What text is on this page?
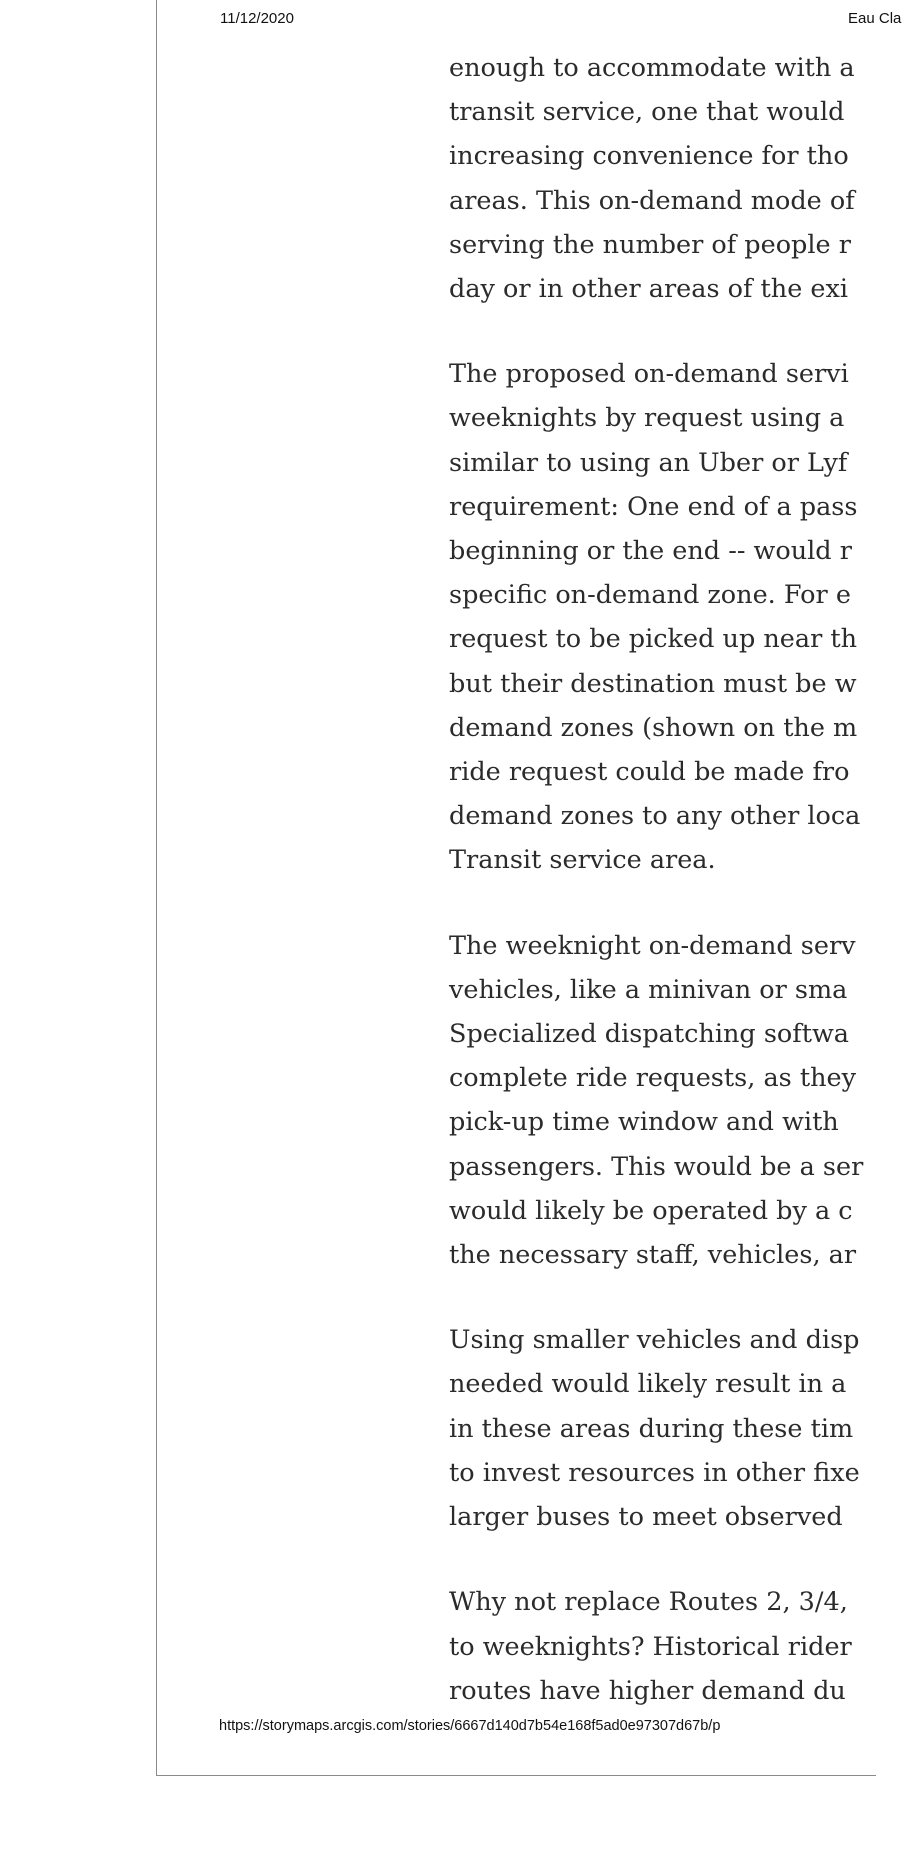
11/12/2020	Eau Cla

enough to accommodate with a
transit service, one that would
increasing convenience for tho
areas. This on-demand mode of
serving the number of people r
day or in other areas of the exi

The proposed on-demand servi
weeknights by request using a
similar to using an Uber or Lyf
requirement: One end of a pass
beginning or the end -- would r
specific on-demand zone. For e
request to be picked up near th
but their destination must be w
demand zones (shown on the m
ride request could be made fro
demand zones to any other loca
Transit service area.

The weeknight on-demand serv
vehicles, like a minivan or sma
Specialized dispatching softwa
complete ride requests, as they
pick-up time window and with
passengers. This would be a ser
would likely be operated by a c
the necessary staff, vehicles, ar

Using smaller vehicles and disp
needed would likely result in a
in these areas during these tim
to invest resources in other fixe
larger buses to meet observed

Why not replace Routes 2, 3/4,
to weeknights? Historical rider
routes have higher demand du

https://storymaps.arcgis.com/stories/6667d140d7b54e168f5ad0e97307d67b/p
